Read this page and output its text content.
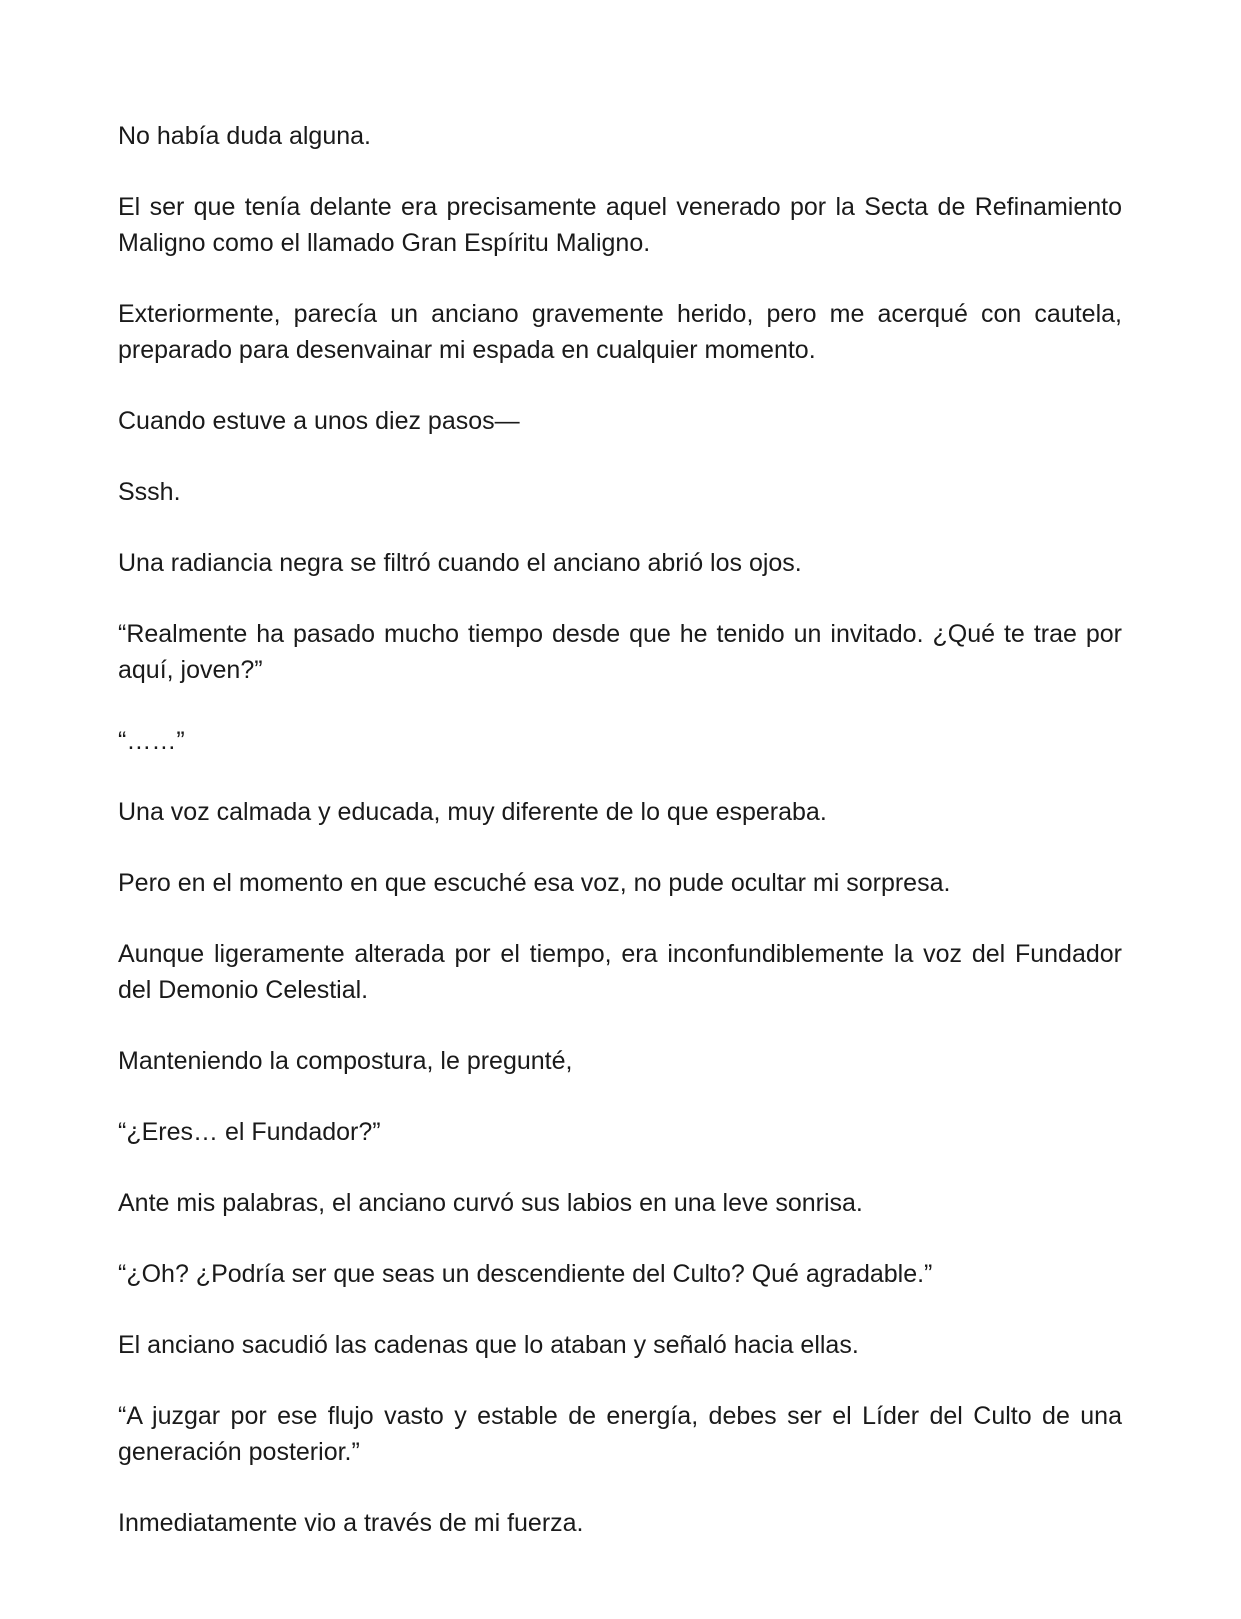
No había duda alguna.

El ser que tenía delante era precisamente aquel venerado por la Secta de Refinamiento Maligno como el llamado Gran Espíritu Maligno.

Exteriormente, parecía un anciano gravemente herido, pero me acerqué con cautela, preparado para desenvainar mi espada en cualquier momento.

Cuando estuve a unos diez pasos—

Sssh.

Una radiancia negra se filtró cuando el anciano abrió los ojos.

“Realmente ha pasado mucho tiempo desde que he tenido un invitado. ¿Qué te trae por aquí, joven?”

“……”

Una voz calmada y educada, muy diferente de lo que esperaba.

Pero en el momento en que escuché esa voz, no pude ocultar mi sorpresa.

Aunque ligeramente alterada por el tiempo, era inconfundiblemente la voz del Fundador del Demonio Celestial.

Manteniendo la compostura, le pregunté,

“¿Eres… el Fundador?”

Ante mis palabras, el anciano curvó sus labios en una leve sonrisa.

“¿Oh? ¿Podría ser que seas un descendiente del Culto? Qué agradable.”

El anciano sacudió las cadenas que lo ataban y señaló hacia ellas.

“A juzgar por ese flujo vasto y estable de energía, debes ser el Líder del Culto de una generación posterior.”

Inmediatamente vio a través de mi fuerza.
